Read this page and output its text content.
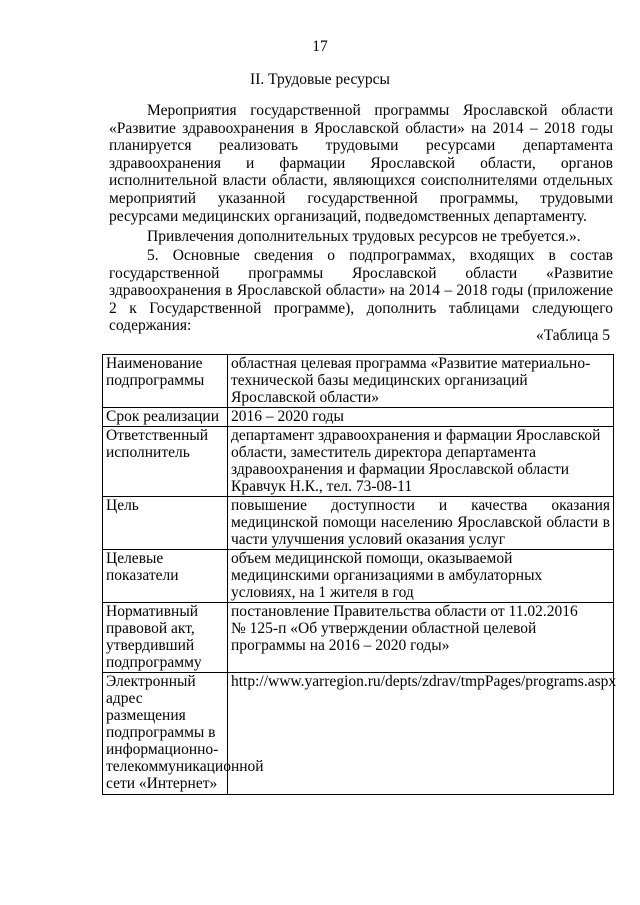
17
II. Трудовые ресурсы
Мероприятия государственной программы Ярославской области «Развитие здравоохранения в Ярославской области» на 2014 – 2018 годы планируется реализовать трудовыми ресурсами департамента здравоохранения и фармации Ярославской области, органов исполнительной власти области, являющихся соисполнителями отдельных мероприятий указанной государственной программы, трудовыми ресурсами медицинских организаций, подведомственных департаменту.
Привлечения дополнительных трудовых ресурсов не требуется.».
5. Основные сведения о подпрограммах, входящих в состав государственной программы Ярославской области «Развитие здравоохранения в Ярославской области» на 2014 – 2018 годы (приложение 2 к Государственной программе), дополнить таблицами следующего содержания:
«Таблица 5
Наименование подпрограммы	областная целевая программа «Развитие материально-технической базы медицинских организаций Ярославской области»
Срок реализации	2016 – 2020 годы
Ответственный исполнитель	департамент здравоохранения и фармации Ярославской области, заместитель директора департамента здравоохранения и фармации Ярославской области Кравчук Н.К., тел. 73-08-11
Цель	повышение доступности и качества оказания медицинской помощи населению Ярославской области в части улучшения условий оказания услуг
Целевые показатели	объем медицинской помощи, оказываемой медицинскими организациями в амбулаторных условиях, на 1 жителя в год
Нормативный правовой акт, утвердивший подпрограмму	постановление Правительства области от 11.02.2016
№ 125-п «Об утверждении областной целевой программы на 2016 – 2020 годы»

Электронный адрес размещения подпрограммы в информационно-телекоммуникационной сети «Интернет»	http://www.yarregion.ru/depts/zdrav/tmpPages/programs.aspx
